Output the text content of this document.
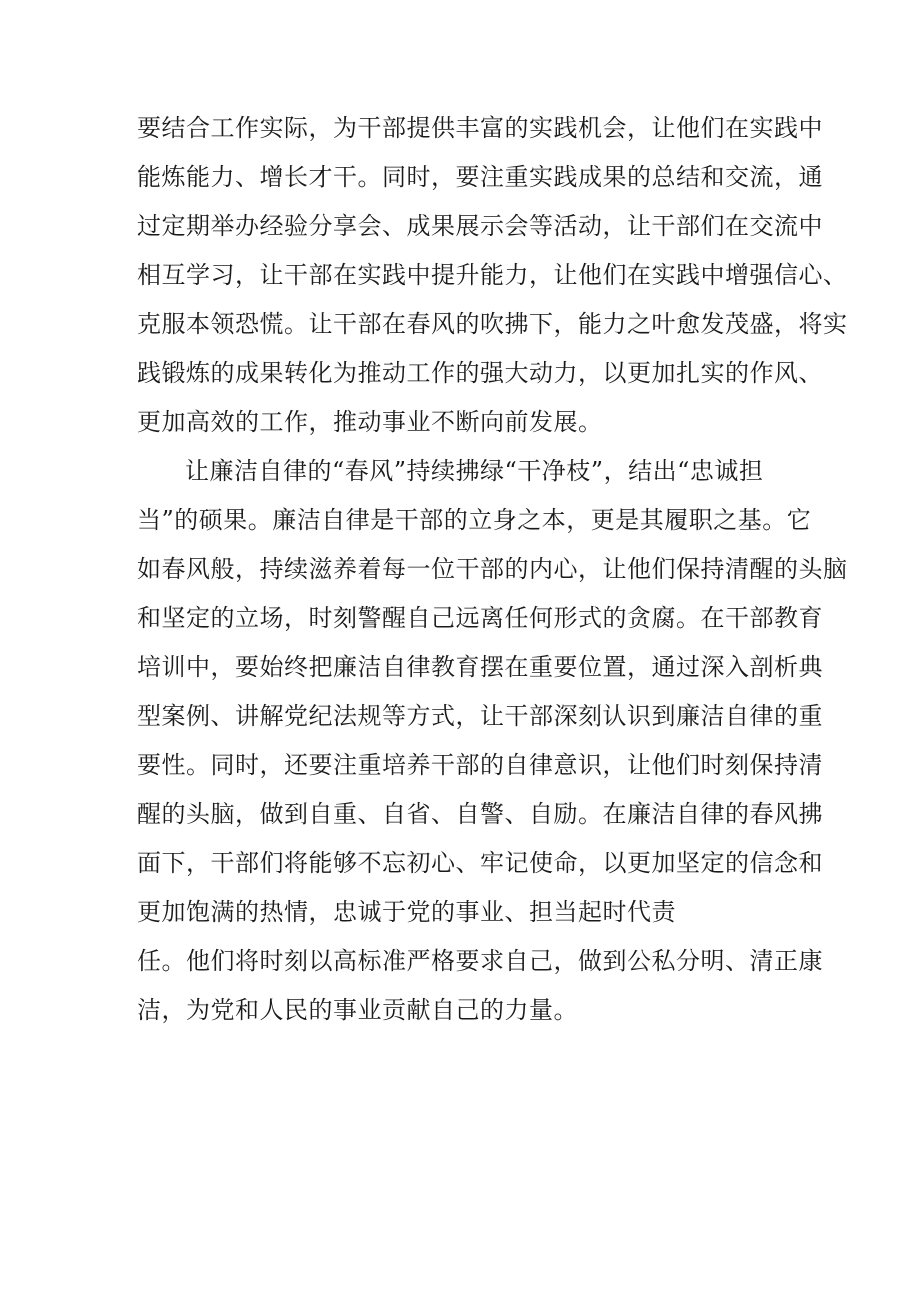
要结合工作实际，为干部提供丰富的实践机会，让他们在实践中
能炼能力、增长才干。同时，要注重实践成果的总结和交流，通
过定期举办经验分享会、成果展示会等活动，让干部们在交流中
相互学习，让干部在实践中提升能力，让他们在实践中增强信心、
克服本领恐慌。让干部在春风的吹拂下，能力之叶愈发茂盛，将实
践锻炼的成果转化为推动工作的强大动力，以更加扎实的作风、
更加高效的工作，推动事业不断向前发展。
让廉洁自律的“春风”持续拂绿“干净枝”，结出“忠诚担
当”的硕果。廉洁自律是干部的立身之本，更是其履职之基。它
如春风般，持续滋养着每一位干部的内心，让他们保持清醒的头脑
和坚定的立场，时刻警醒自己远离任何形式的贪腐。在干部教育
培训中，要始终把廉洁自律教育摆在重要位置，通过深入剖析典
型案例、讲解党纪法规等方式，让干部深刻认识到廉洁自律的重
要性。同时，还要注重培养干部的自律意识，让他们时刻保持清
醒的头脑，做到自重、自省、自警、自励。在廉洁自律的春风拂
面下，干部们将能够不忘初心、牢记使命，以更加坚定的信念和
更加饱满的热情，忠诚于党的事业、担当起时代责
任。他们将时刻以高标准严格要求自己，做到公私分明、清正康
洁，为党和人民的事业贡献自己的力量。
